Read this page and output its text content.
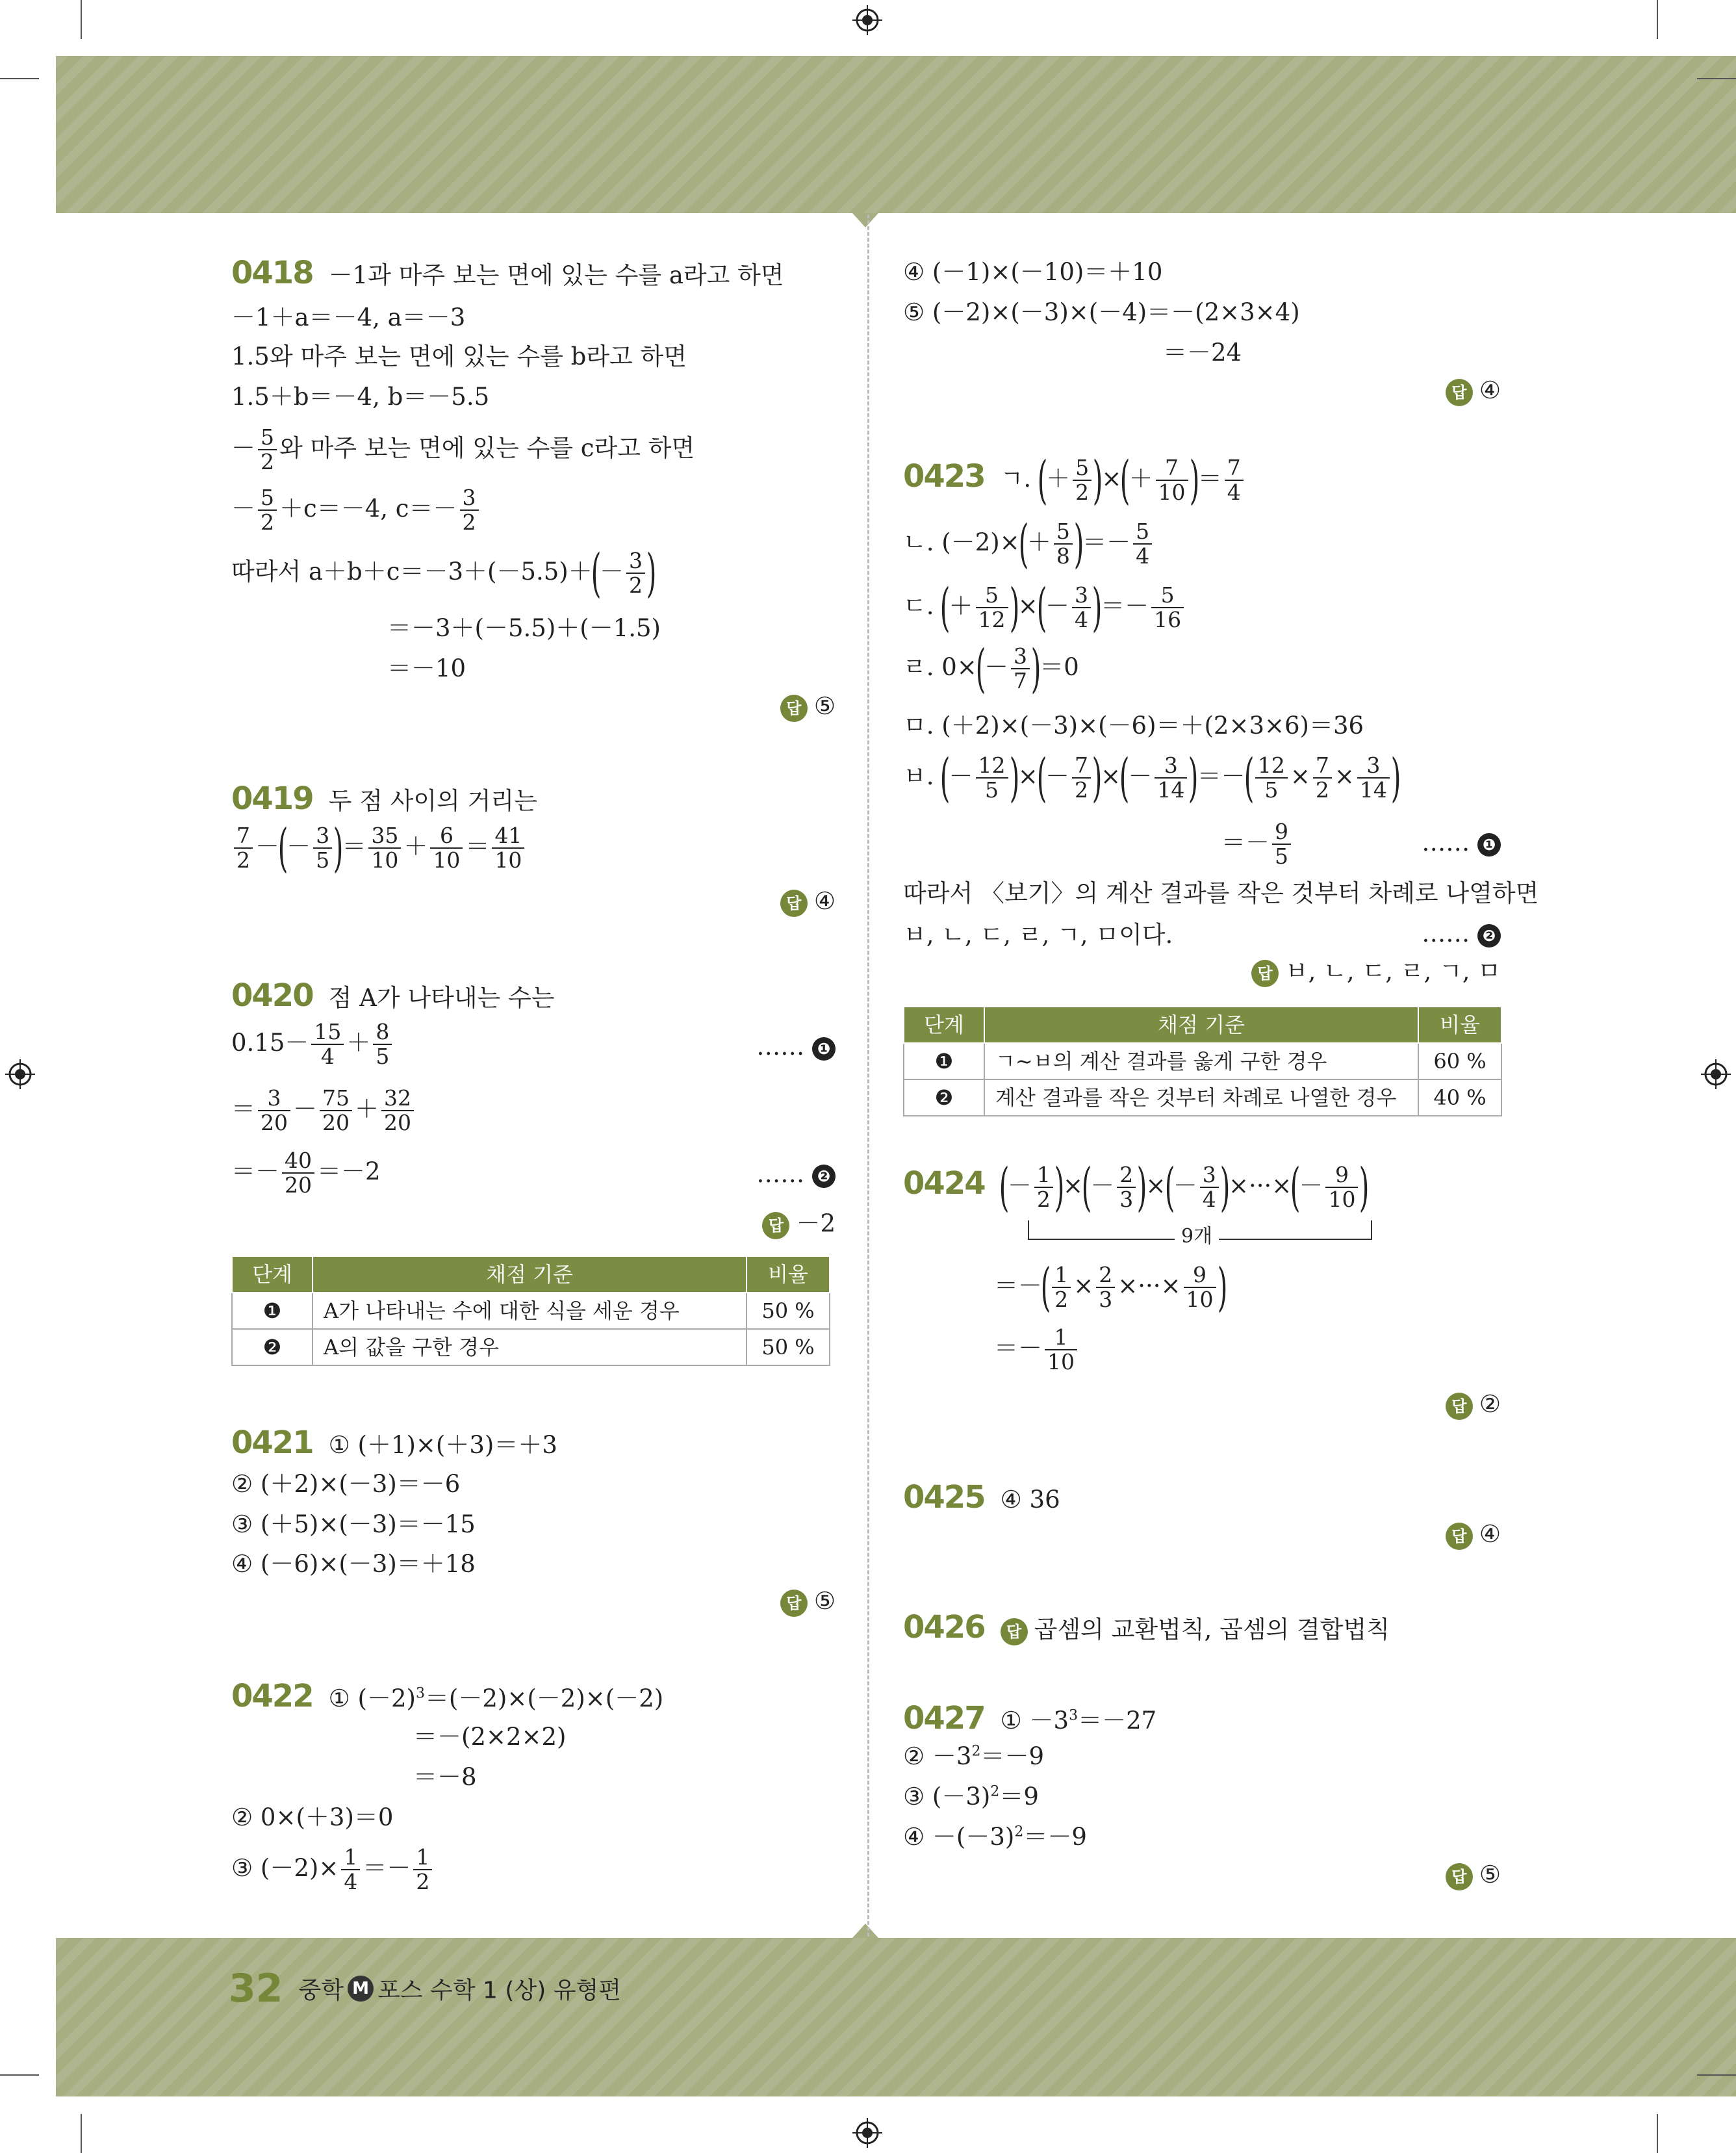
0418 －1과 마주 보는 면에 있는 수를 a라고 하면
－1＋a＝－4, a＝－3
1.5와 마주 보는 면에 있는 수를 b라고 하면
1.5＋b＝－4, b＝－5.5
－ $\frac{5}{2}$ 와 마주 보는 면에 있는 수를 c라고 하면
－ $\frac{5}{2} +c=-4$, $c=- \frac{3}{2}$
따라서 $a+b+c=-3+(-5.5)+(- \frac{3}{2}$ )
＝－3＋(－5.5)＋(－1.5)
＝－10
답 ⑤
0419 두 점 사이의 거리는
$\frac{7}{2}$ －(－ $\frac{3}{5}$ )＝ $\frac{35}{10} + \frac{6}{10} = \frac{41}{10}$
답 ④
0420 점 A가 나타내는 수는
$0.15- \frac{15}{4} + \frac{8}{5}$	…… ❶
＝ $\frac{3}{20} - \frac{75}{20} + \frac{32}{20}$
＝－ $\frac{40}{20} =-2$	…… ❷
답 －2
단계	채점 기준	비율
❶	A가 나타내는 수에 대한 식을 세운 경우	50 %
❷	A의 값을 구한 경우	50 %
0421 ① (＋1)×(＋3)＝＋3
② (＋2)×(－3)＝－6
③ (＋5)×(－3)＝－15
④ (－6)×(－3)＝＋18
답 ⑤
0422 ① $(-2)^3=(-2)\times(-2)\times(-2)$
＝－(2×2×2)
＝－8
② 0×(＋3)＝0
③ $(-2)\times \frac{1}{4} =- \frac{1}{2}$
④ (－1)×(－10)＝＋10
⑤ (－2)×(－3)×(－4)＝－(2×3×4)
＝－24
답 ④
0423 ㄱ. (＋ $\frac{5}{2}$ )×(＋ $\frac{7}{10}$ )＝ $\frac{7}{4}$
ㄴ. $(-2)\times(+ \frac{5}{8}$ )＝－ $\frac{5}{4}$
ㄷ. (＋ $\frac{5}{12}$ )×(－ $\frac{3}{4}$ )＝－ $\frac{5}{16}$
ㄹ. $0\times(- \frac{3}{7} )=0$
ㅁ. (＋2)×(－3)×(－6)＝＋(2×3×6)＝36
ㅂ. (－ $\frac{12}{5}$ )×(－ $\frac{7}{2}$ )×(－ $\frac{3}{14}$ )＝－( $\frac{12}{5} \times \frac{7}{2} \times \frac{3}{14}$ )
＝－ $\frac{9}{5}$	…… ❶
따라서 〈보기〉의 계산 결과를 작은 것부터 차례로 나열하면
ㅂ, ㄴ, ㄷ, ㄹ, ㄱ, ㅁ이다.	…… ❷
답 ㅂ, ㄴ, ㄷ, ㄹ, ㄱ, ㅁ
단계	채점 기준	비율
❶	ㄱ~ㅂ의 계산 결과를 옳게 구한 경우	60 %
❷	계산 결과를 작은 것부터 차례로 나열한 경우	40 %
0424 (－ $\frac{1}{2}$ )×(－ $\frac{2}{3}$ )×(－ $\frac{3}{4}$ )×···×(－ $\frac{9}{10}$ )
9개
＝－( $\frac{1}{2} \times \frac{2}{3}$ ×···× $\frac{9}{10}$ )
＝－ $\frac{1}{10}$
답 ②
0425 ④ 36
답 ④
0426 답 곱셈의 교환법칙, 곱셈의 결합법칙
0427 ① $-3^3=-27$
② $-3^2=-9$
③ $(-3)^2=9$
④ $-(-3)^2=-9$
답 ⑤
32 중학 M 포스 수학 1 (상) 유형편
